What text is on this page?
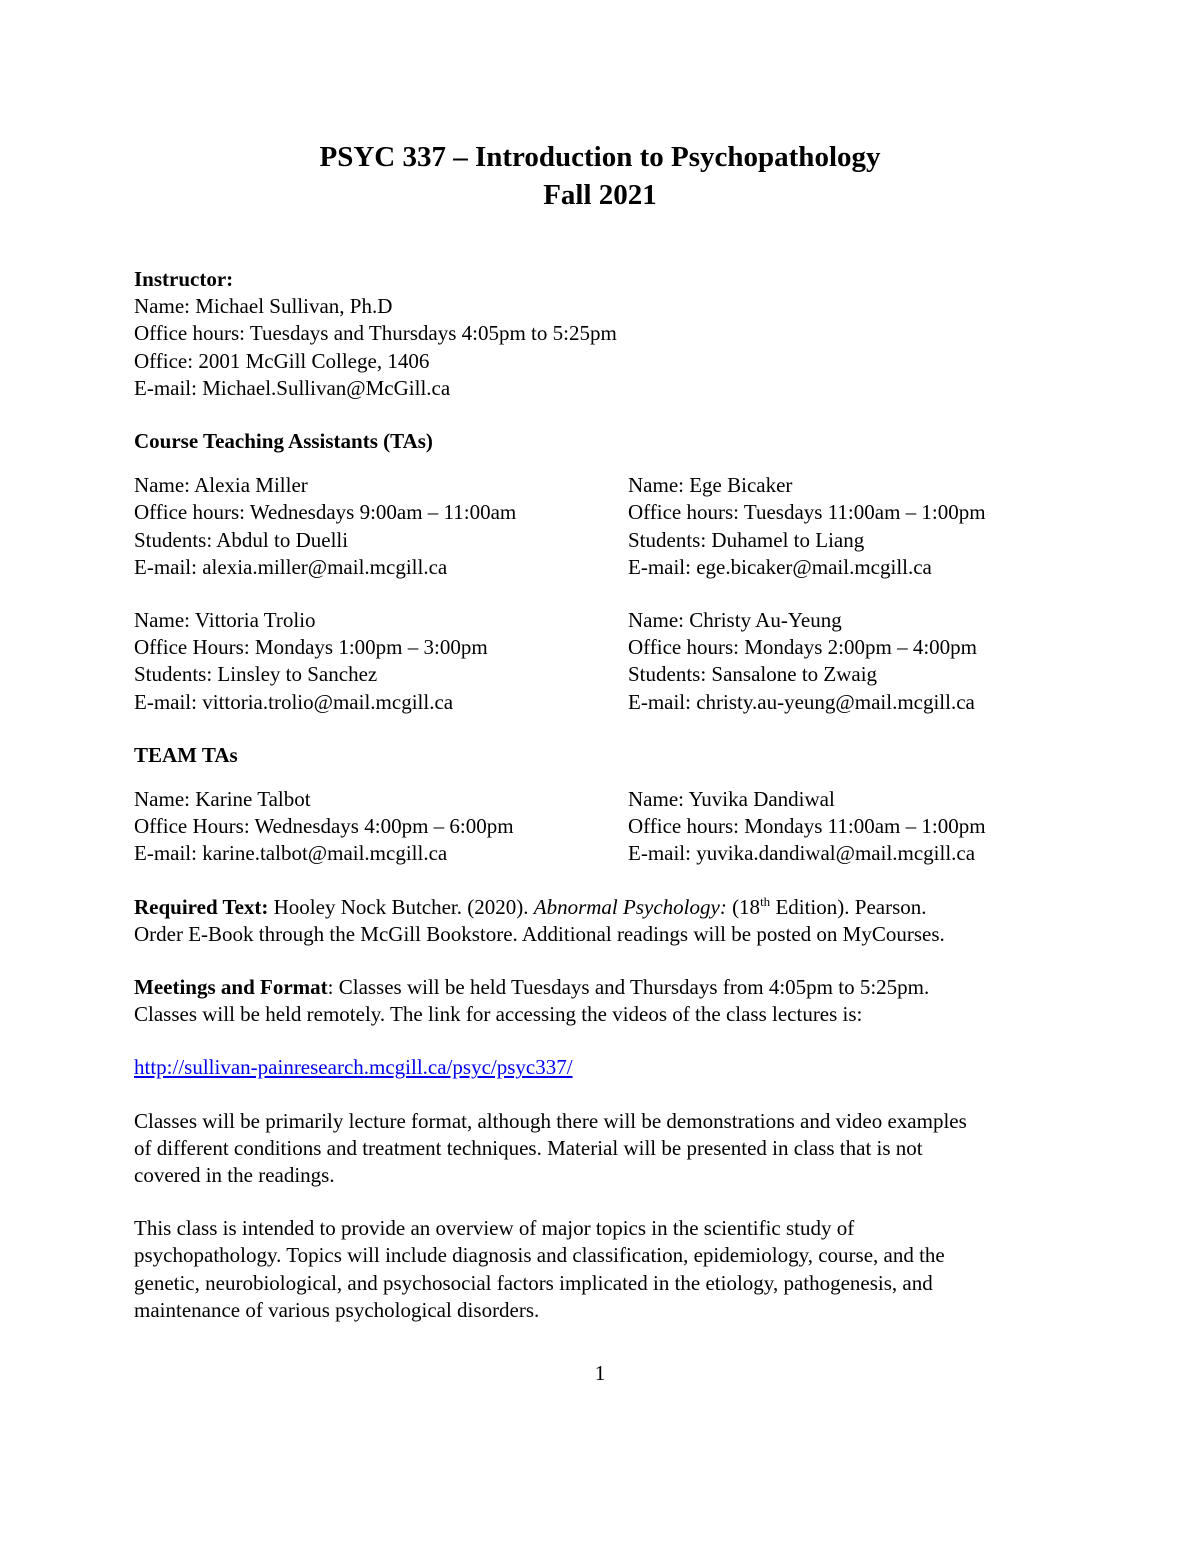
PSYC 337 – Introduction to Psychopathology
Fall 2021
Instructor:
Name: Michael Sullivan, Ph.D
Office hours: Tuesdays and Thursdays 4:05pm to 5:25pm
Office: 2001 McGill College, 1406
E-mail: Michael.Sullivan@McGill.ca
Course Teaching Assistants (TAs)
Name: Alexia Miller
Office hours: Wednesdays 9:00am – 11:00am
Students: Abdul to Duelli
E-mail: alexia.miller@mail.mcgill.ca
Name: Ege Bicaker
Office hours: Tuesdays 11:00am – 1:00pm
Students: Duhamel to Liang
E-mail: ege.bicaker@mail.mcgill.ca
Name: Vittoria Trolio
Office Hours: Mondays 1:00pm – 3:00pm
Students: Linsley to Sanchez
E-mail: vittoria.trolio@mail.mcgill.ca
Name: Christy Au-Yeung
Office hours: Mondays 2:00pm – 4:00pm
Students: Sansalone to Zwaig
E-mail: christy.au-yeung@mail.mcgill.ca
TEAM TAs
Name: Karine Talbot
Office Hours: Wednesdays 4:00pm – 6:00pm
E-mail: karine.talbot@mail.mcgill.ca
Name: Yuvika Dandiwal
Office hours: Mondays 11:00am – 1:00pm
E-mail: yuvika.dandiwal@mail.mcgill.ca
Required Text: Hooley Nock Butcher. (2020). Abnormal Psychology: (18th Edition). Pearson.
Order E-Book through the McGill Bookstore. Additional readings will be posted on MyCourses.
Meetings and Format: Classes will be held Tuesdays and Thursdays from 4:05pm to 5:25pm.
Classes will be held remotely. The link for accessing the videos of the class lectures is:
http://sullivan-painresearch.mcgill.ca/psyc/psyc337/
Classes will be primarily lecture format, although there will be demonstrations and video examples
of different conditions and treatment techniques. Material will be presented in class that is not
covered in the readings.
This class is intended to provide an overview of major topics in the scientific study of
psychopathology. Topics will include diagnosis and classification, epidemiology, course, and the
genetic, neurobiological, and psychosocial factors implicated in the etiology, pathogenesis, and
maintenance of various psychological disorders.
1
